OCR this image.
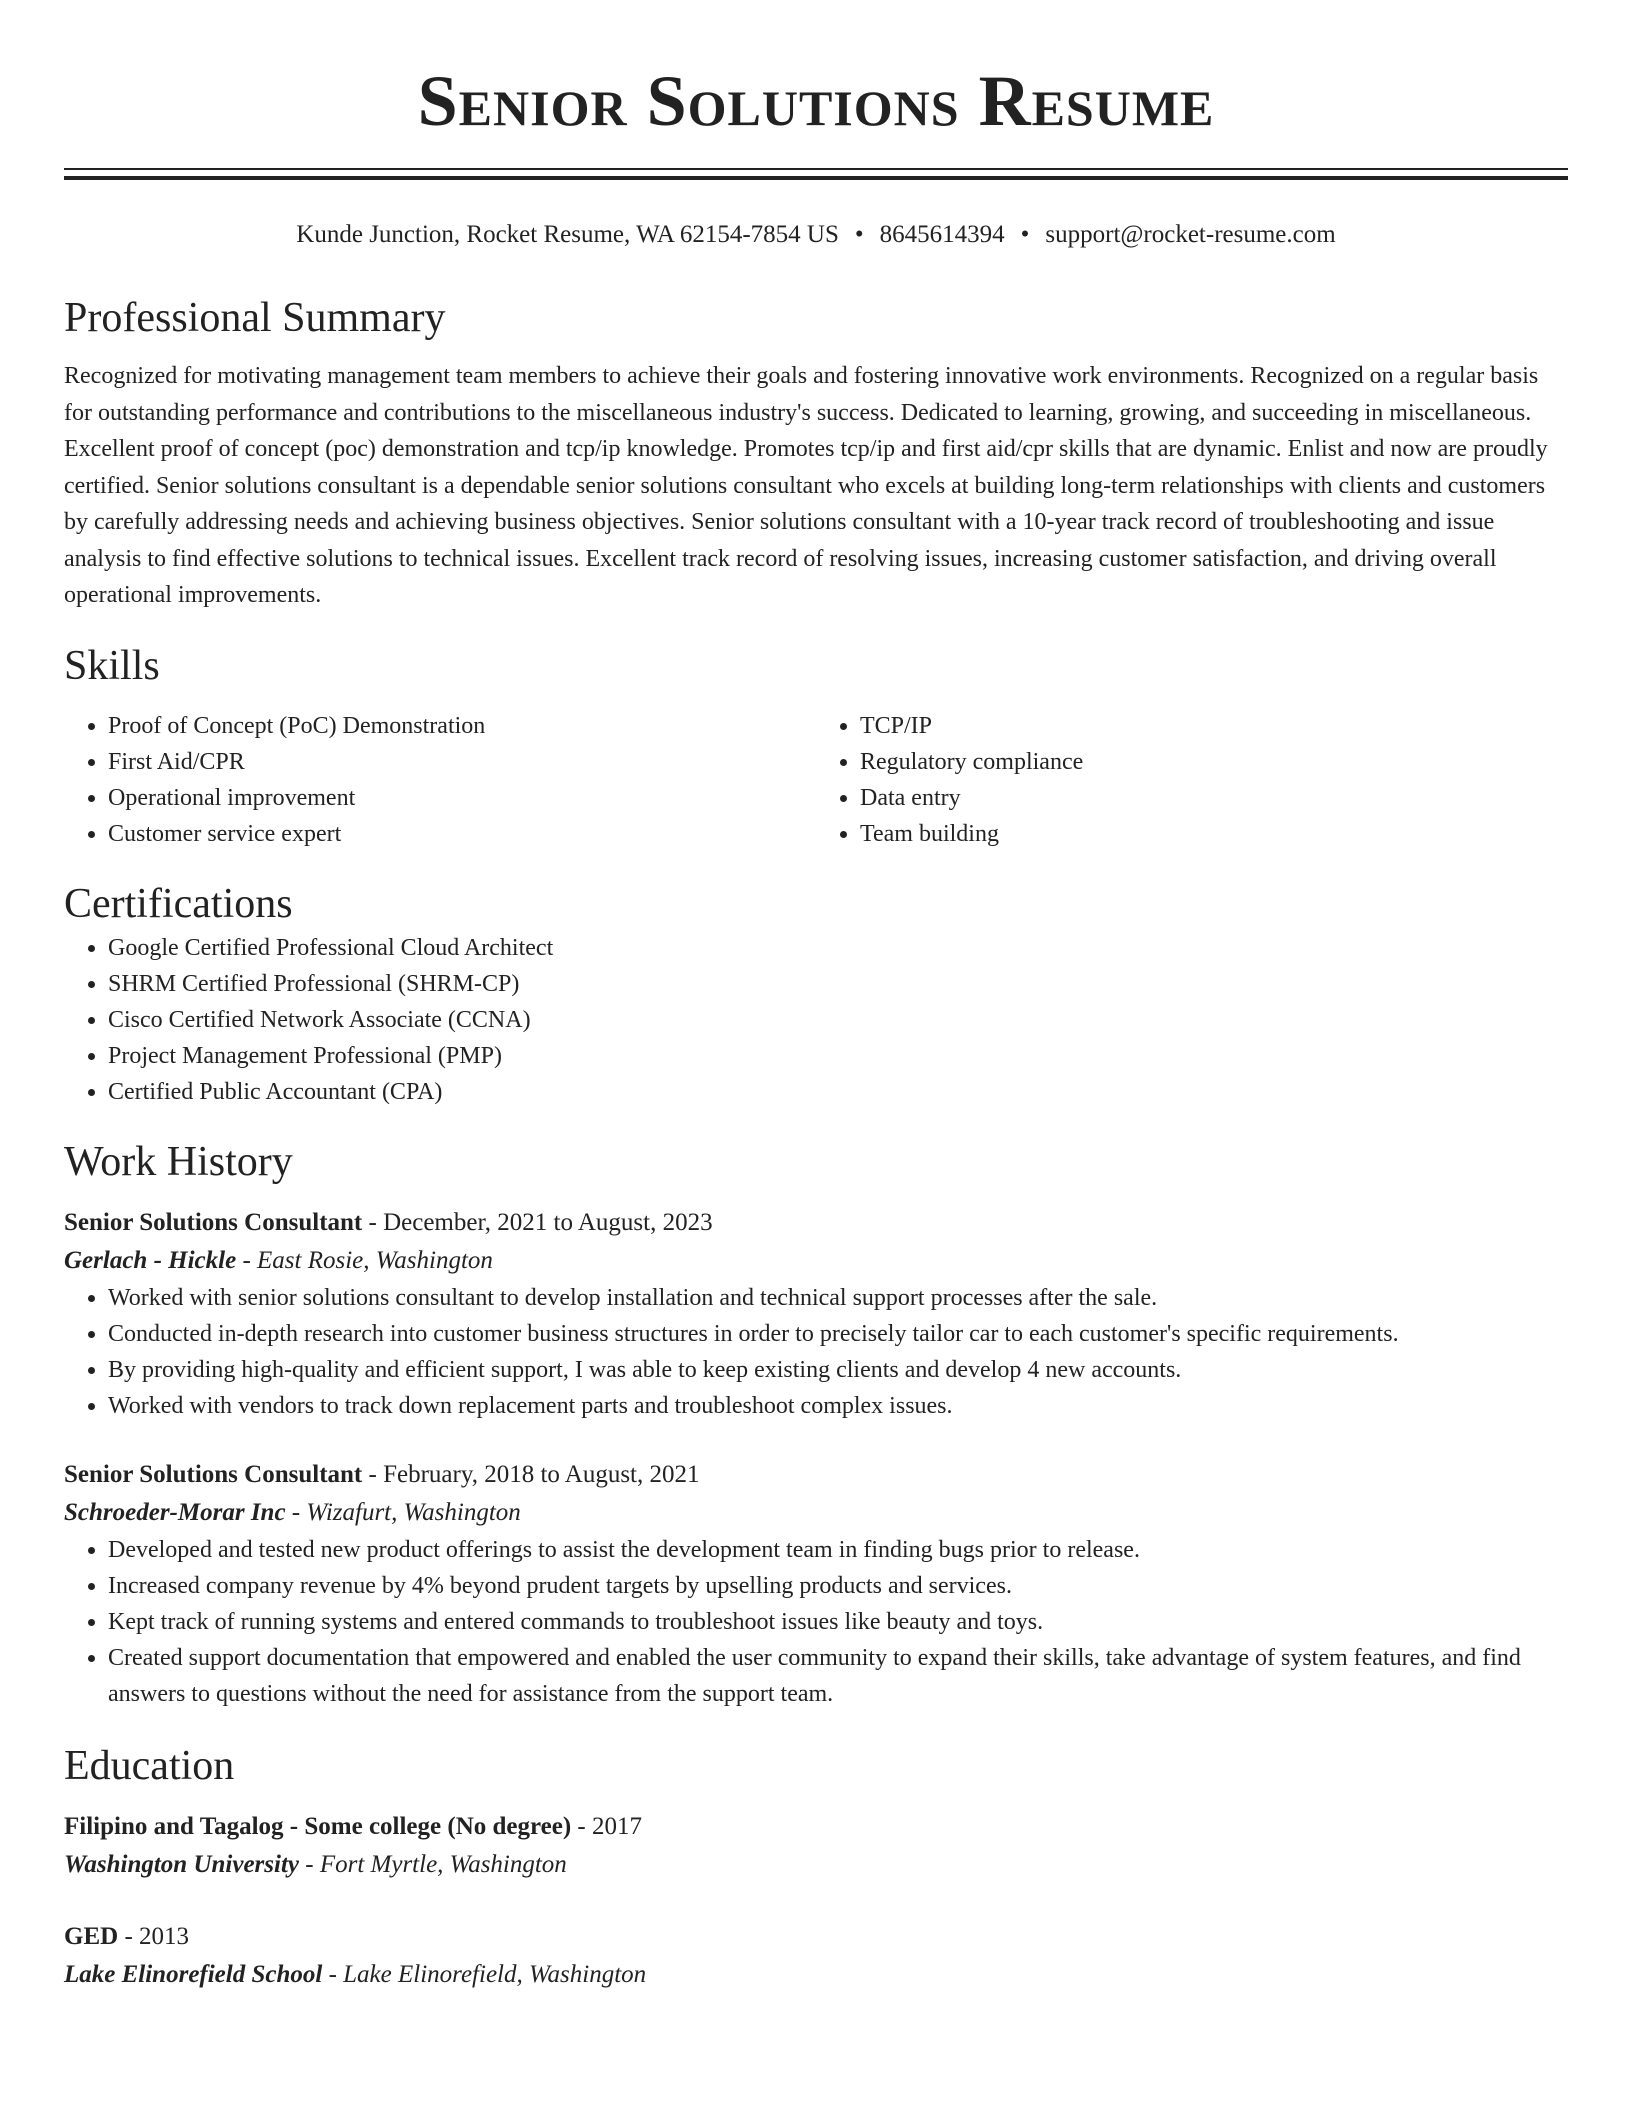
Senior Solutions Resume
Kunde Junction, Rocket Resume, WA 62154-7854 US • 8645614394 • support@rocket-resume.com
Professional Summary

Recognized for motivating management team members to achieve their goals and fostering innovative work environments. Recognized on a regular basis for outstanding performance and contributions to the miscellaneous industry's success. Dedicated to learning, growing, and succeeding in miscellaneous. Excellent proof of concept (poc) demonstration and tcp/ip knowledge. Promotes tcp/ip and first aid/cpr skills that are dynamic. Enlist and now are proudly certified. Senior solutions consultant is a dependable senior solutions consultant who excels at building long-term relationships with clients and customers by carefully addressing needs and achieving business objectives. Senior solutions consultant with a 10-year track record of troubleshooting and issue analysis to find effective solutions to technical issues. Excellent track record of resolving issues, increasing customer satisfaction, and driving overall operational improvements.

Skills
• Proof of Concept (PoC) Demonstration
• First Aid/CPR
• Operational improvement
• Customer service expert
• TCP/IP
• Regulatory compliance
• Data entry
• Team building
Certifications
• Google Certified Professional Cloud Architect
• SHRM Certified Professional (SHRM-CP)
• Cisco Certified Network Associate (CCNA)
• Project Management Professional (PMP)
• Certified Public Accountant (CPA)
Work History
Senior Solutions Consultant - December, 2021 to August, 2023
Gerlach - Hickle - East Rosie, Washington
• Worked with senior solutions consultant to develop installation and technical support processes after the sale.
• Conducted in-depth research into customer business structures in order to precisely tailor car to each customer's specific requirements.
• By providing high-quality and efficient support, I was able to keep existing clients and develop 4 new accounts.
• Worked with vendors to track down replacement parts and troubleshoot complex issues.
Senior Solutions Consultant - February, 2018 to August, 2021
Schroeder-Morar Inc - Wizafurt, Washington
• Developed and tested new product offerings to assist the development team in finding bugs prior to release.
• Increased company revenue by 4% beyond prudent targets by upselling products and services.
• Kept track of running systems and entered commands to troubleshoot issues like beauty and toys.
• Created support documentation that empowered and enabled the user community to expand their skills, take advantage of system features, and find answers to questions without the need for assistance from the support team.
Education
Filipino and Tagalog - Some college (No degree) - 2017
Washington University - Fort Myrtle, Washington
GED - 2013
Lake Elinorefield School - Lake Elinorefield, Washington
